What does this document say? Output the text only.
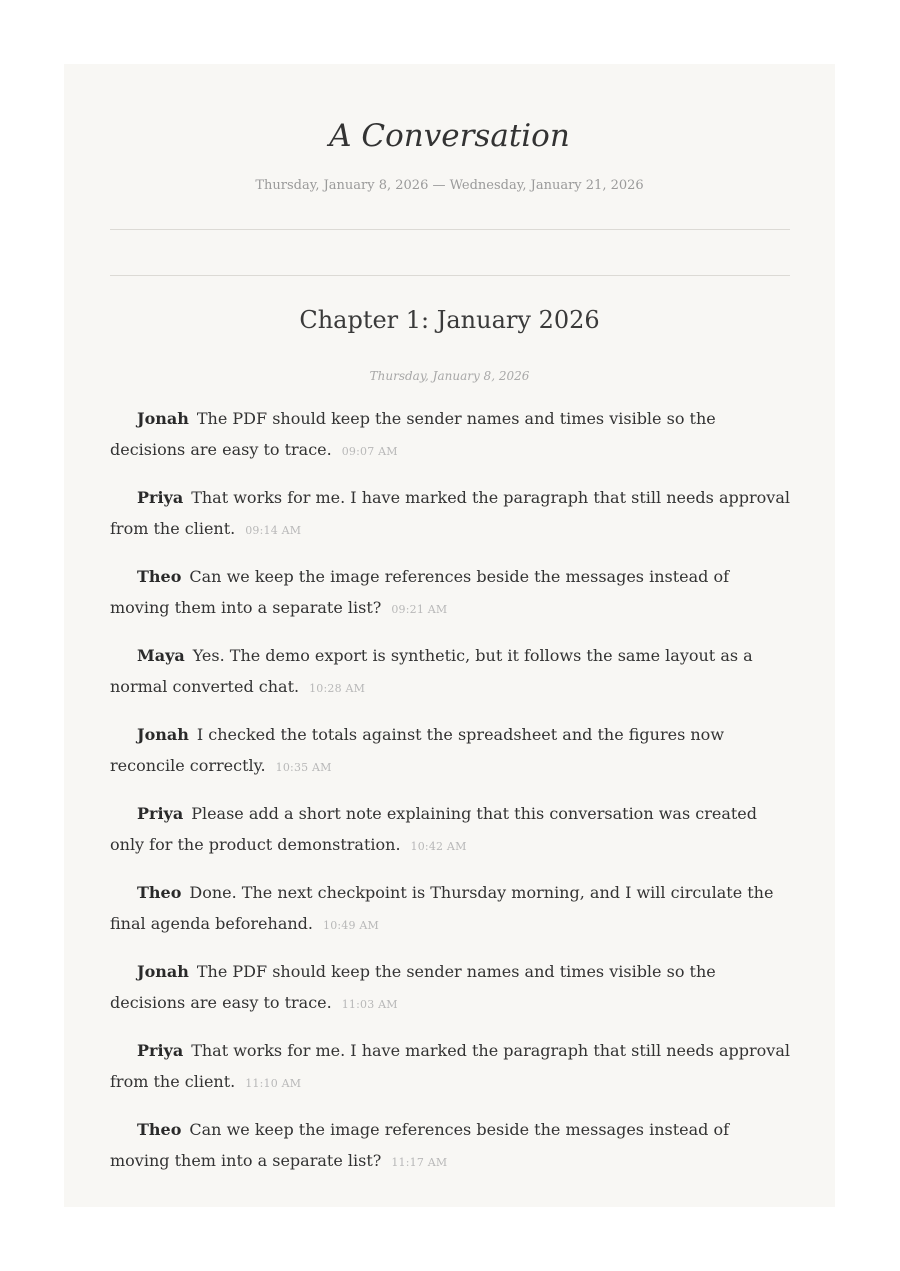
A Conversation
Thursday, January 8, 2026 — Wednesday, January 21, 2026
Chapter 1: January 2026
Thursday, January 8, 2026
Jonah The PDF should keep the sender names and times visible so the decisions are easy to trace. 09:07 AM
Priya That works for me. I have marked the paragraph that still needs approval from the client. 09:14 AM
Theo Can we keep the image references beside the messages instead of moving them into a separate list? 09:21 AM
Maya Yes. The demo export is synthetic, but it follows the same layout as a normal converted chat. 10:28 AM
Jonah I checked the totals against the spreadsheet and the figures now reconcile correctly. 10:35 AM
Priya Please add a short note explaining that this conversation was created only for the product demonstration. 10:42 AM
Theo Done. The next checkpoint is Thursday morning, and I will circulate the final agenda beforehand. 10:49 AM
Jonah The PDF should keep the sender names and times visible so the decisions are easy to trace. 11:03 AM
Priya That works for me. I have marked the paragraph that still needs approval from the client. 11:10 AM
Theo Can we keep the image references beside the messages instead of moving them into a separate list? 11:17 AM
